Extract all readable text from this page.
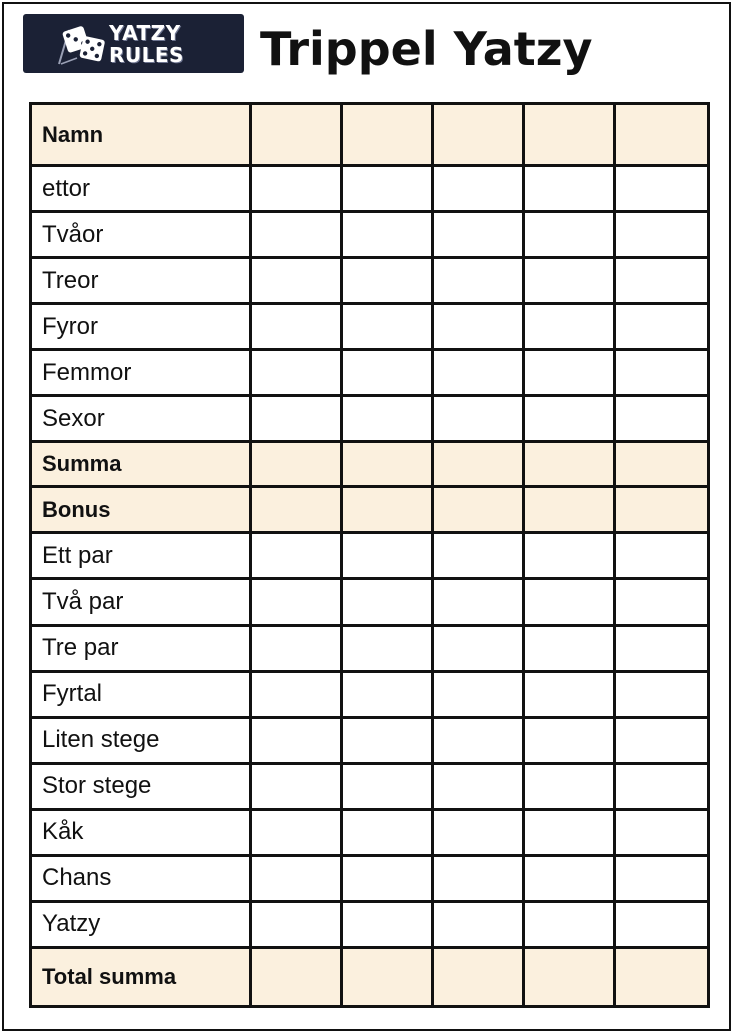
YATZY
RULES Trippel Yatzy
Namn					
ettor					
Tvåor					
Treor					
Fyror					
Femmor					
Sexor					
Summa					
Bonus					
Ett par					
Två par					
Tre par					
Fyrtal					
Liten stege					
Stor stege					
Kåk					
Chans					
Yatzy					
Total summa					
